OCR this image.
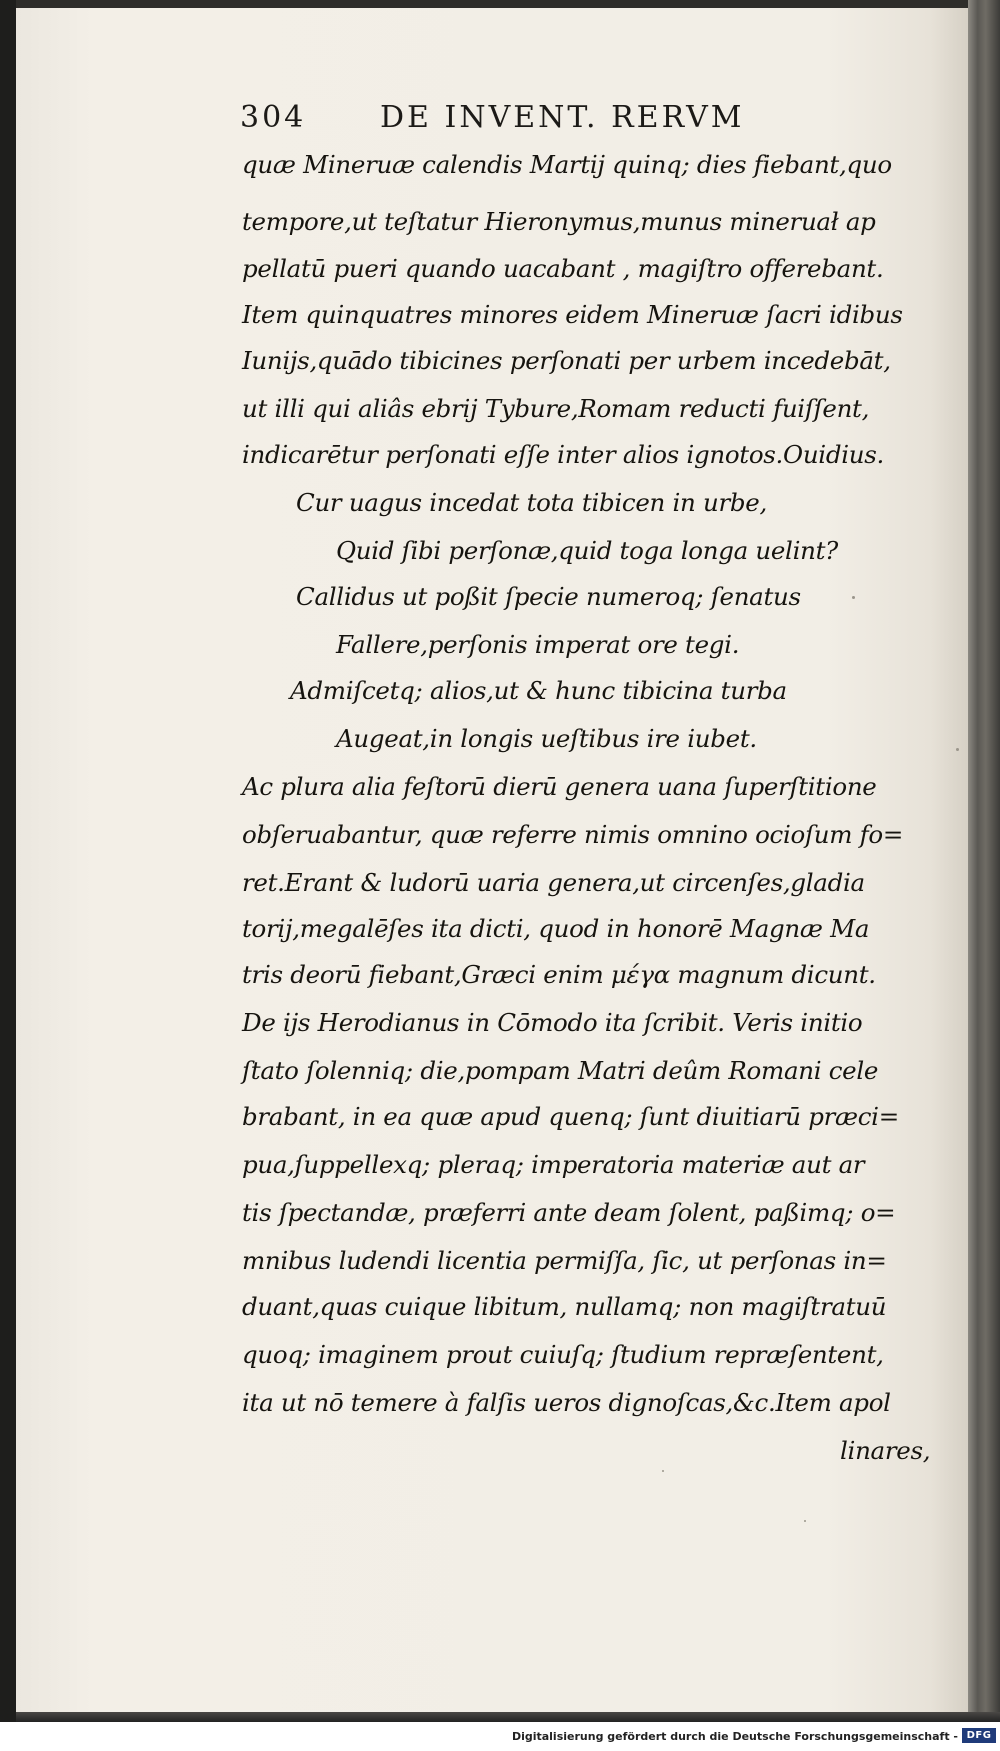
304 DE INVENT. RERVM
quæ Mineruæ calendis Martij quinq; dies fiebant,quo
tempore,ut teſtatur Hieronymus,munus mineruał ap
pellatū pueri quando uacabant , magiſtro offerebant.
Item quinquatres minores eidem Mineruæ ſacri idibus
Iunijs,quādo tibicines perſonati per urbem incedebāt,
ut illi qui aliâs ebrij Tybure,Romam reducti fuiſſent,
indicarētur perſonati eſſe inter alios ignotos.Ouidius.
Cur uagus incedat tota tibicen in urbe,
Quid ſibi perſonæ,quid toga longa uelint?
Callidus ut poßit ſpecie numeroq; ſenatus
Fallere,perſonis imperat ore tegi.
Admiſcetq; alios,ut & hunc tibicina turba
Augeat,in longis ueſtibus ire iubet.
Ac plura alia feſtorū dierū genera uana ſuperſtitione
obſeruabantur, quæ referre nimis omnino ocioſum fo=
ret.Erant & ludorū uaria genera,ut circenſes,gladia
torij,megalēſes ita dicti, quod in honorē Magnæ Ma
tris deorū fiebant,Græci enim μέγα magnum dicunt.
De ijs Herodianus in Cōmodo ita ſcribit. Veris initio
ſtato ſolenniq; die,pompam Matri deûm Romani cele
brabant, in ea quæ apud quenq; ſunt diuitiarū præci=
pua,ſuppellexq; pleraq; imperatoria materiæ aut ar
tis ſpectandæ, præferri ante deam ſolent, paßimq; o=
mnibus ludendi licentia permiſſa, ſic, ut perſonas in=
duant,quas cuique libitum, nullamq; non magiſtratuū
quoq; imaginem prout cuiuſq; ſtudium repræſentent,
ita ut nō temere à falſis ueros dignoſcas,&c.Item apol
linares,
Digitalisierung gefördert durch die Deutsche Forschungsgemeinschaft - DFG
